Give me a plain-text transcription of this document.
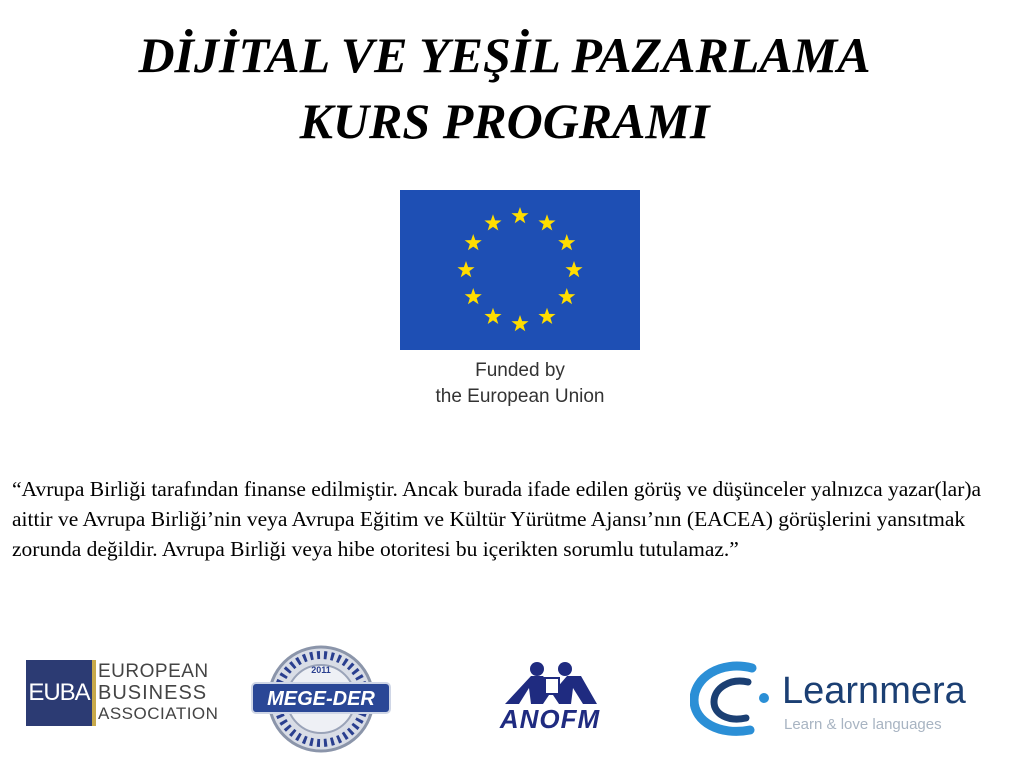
DİJİTAL VE YEŞİL PAZARLAMA
KURS PROGRAMI
Funded by
the European Union
“Avrupa Birliği tarafından finanse edilmiştir. Ancak burada ifade edilen görüş ve düşünceler yalnızca yazar(lar)a aittir ve Avrupa Birliği’nin veya Avrupa Eğitim ve Kültür Yürütme Ajansı’nın (EACEA) görüşlerini yansıtmak zorunda değildir. Avrupa Birliği veya hibe otoritesi bu içerikten sorumlu tutulamaz.”
EUBA
EUROPEAN
BUSINESS
ASSOCIATION
MEGE-DER
2011
ANOFM
Learnmera
Learn & love languages
